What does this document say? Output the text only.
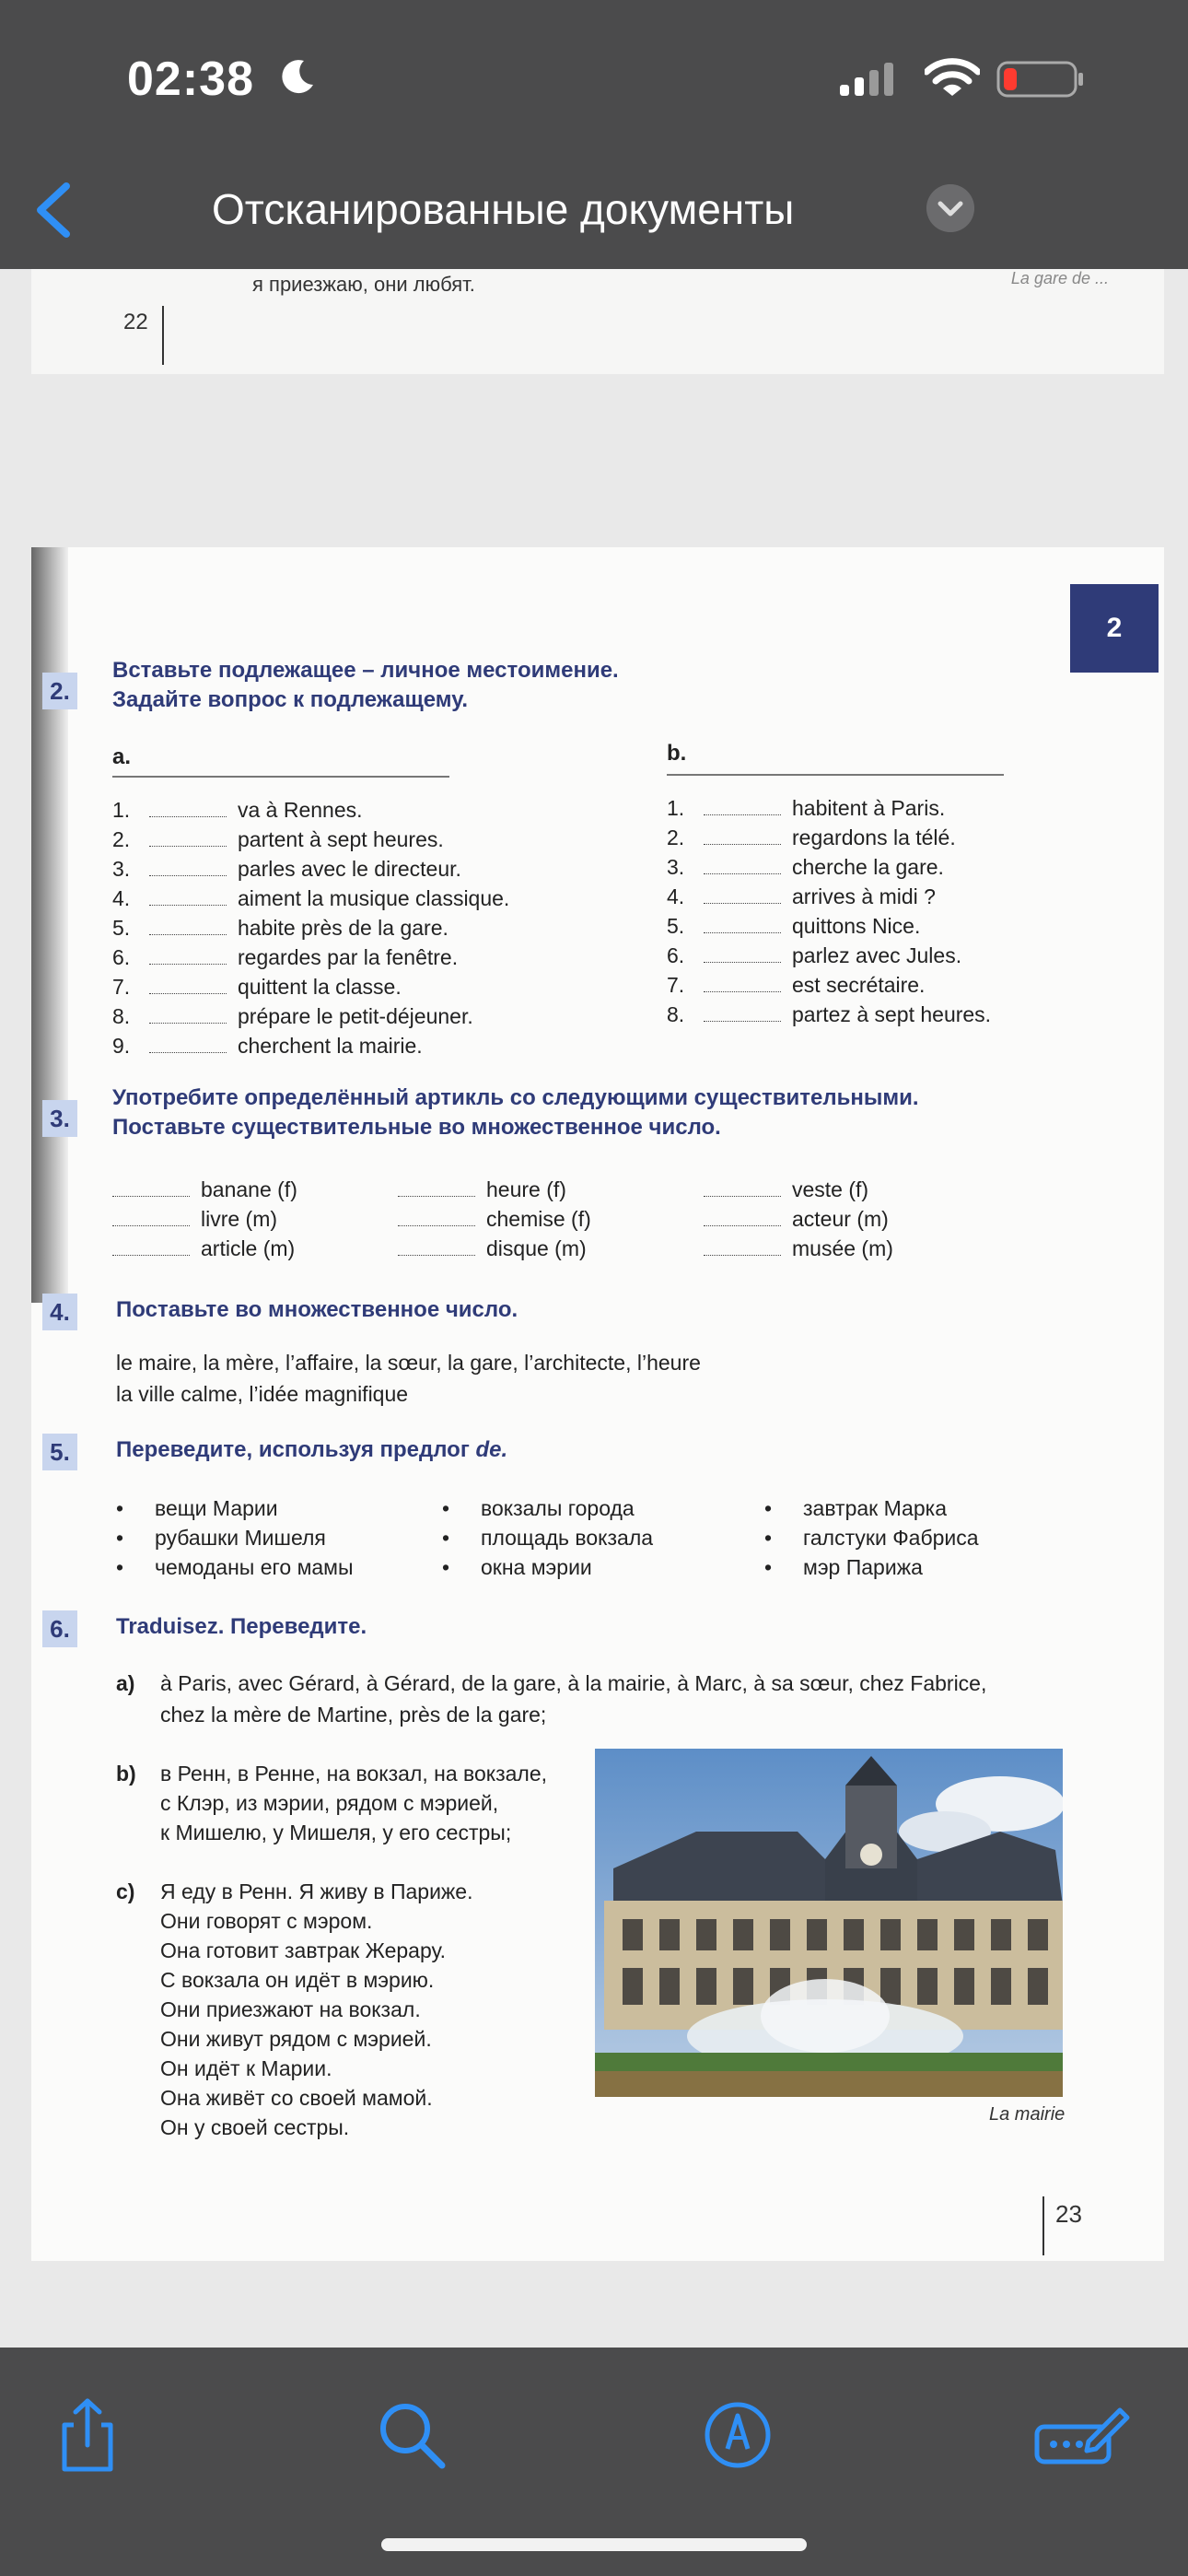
02:38
Отсканированные документы
я приезжаю, они любят.	La gare de ...
22
2
2.
Вставьте подлежащее – личное местоимение.
Задайте вопрос к подлежащему.
a.	b.
1.	va à Rennes.
2.	partent à sept heures.
3.	parles avec le directeur.
4.	aiment la musique classique.
5.	habite près de la gare.
6.	regardes par la fenêtre.
7.	quittent la classe.
8.	prépare le petit-déjeuner.
9.	cherchent la mairie.
1.	habitent à Paris.
2.	regardons la télé.
3.	cherche la gare.
4.	arrives à midi ?
5.	quittons Nice.
6.	parlez avec Jules.
7.	est secrétaire.
8.	partez à sept heures.
3.
Употребите определённый артикль со следующими существительными.
Поставьте существительные во множественное число.
banane (f)
livre (m)
article (m)
heure (f)
chemise (f)
disque (m)
veste (f)
acteur (m)
musée (m)
4.	Поставьте во множественное число.
le maire, la mère, l’affaire, la sœur, la gare, l’architecte, l’heure
la ville calme, l’idée magnifique
5.	Переведите, используя предлог de.
• вещи Марии
• рубашки Мишеля
• чемоданы его мамы
• вокзалы города
• площадь вокзала
• окна мэрии
• завтрак Марка
• галстуки Фабриса
• мэр Парижа
6.	Traduisez. Переведите.
a) à Paris, avec Gérard, à Gérard, de la gare, à la mairie, à Marc, à sa sœur, chez Fabrice,
chez la mère de Martine, près de la gare;
b) в Ренн, в Ренне, на вокзал, на вокзале,
с Клэр, из мэрии, рядом с мэрией,
к Мишелю, у Мишеля, у его сестры;
c) Я еду в Ренн. Я живу в Париже.
Они говорят с мэром.
Она готовит завтрак Жерару.
С вокзала он идёт в мэрию.
Они приезжают на вокзал.
Они живут рядом с мэрией.
Он идёт к Марии.
Она живёт со своей мамой.
Он у своей сестры.
La mairie
23
